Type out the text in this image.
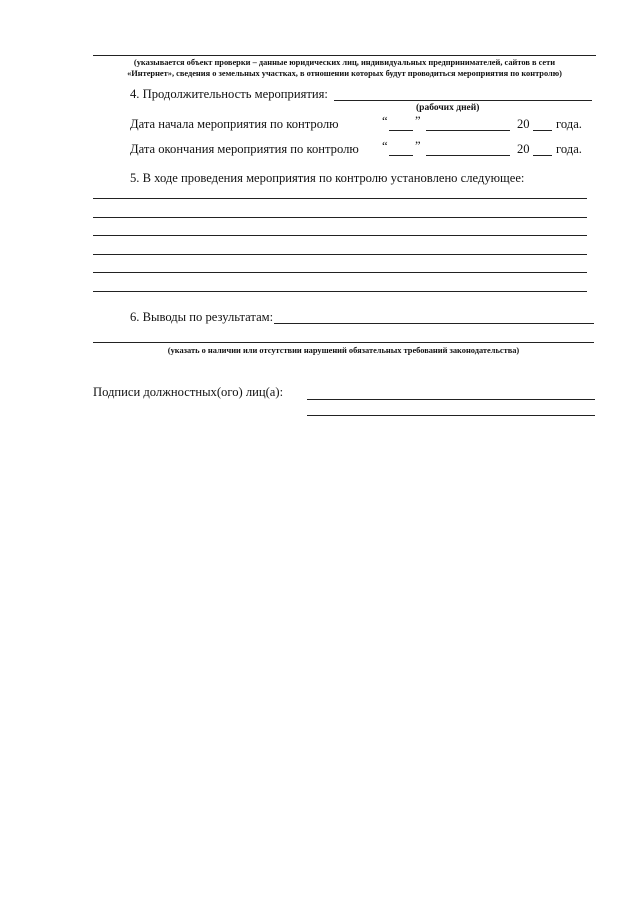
(указывается объект проверки – данные юридических лиц, индивидуальных предпринимателей, сайтов в сети
«Интернет», сведения о земельных участках, в отношении которых будут проводиться мероприятия по контролю)
4. Продолжительность мероприятия:
(рабочих дней)
Дата начала мероприятия по контролю	“ ”	20 года.
Дата окончания мероприятия по контролю “ ”	20 года.
5. В ходе проведения мероприятия по контролю установлено следующее:
6. Выводы по результатам:
(указать о наличии или отсутствии нарушений обязательных требований законодательства)
Подписи должностных(ого) лиц(а):
